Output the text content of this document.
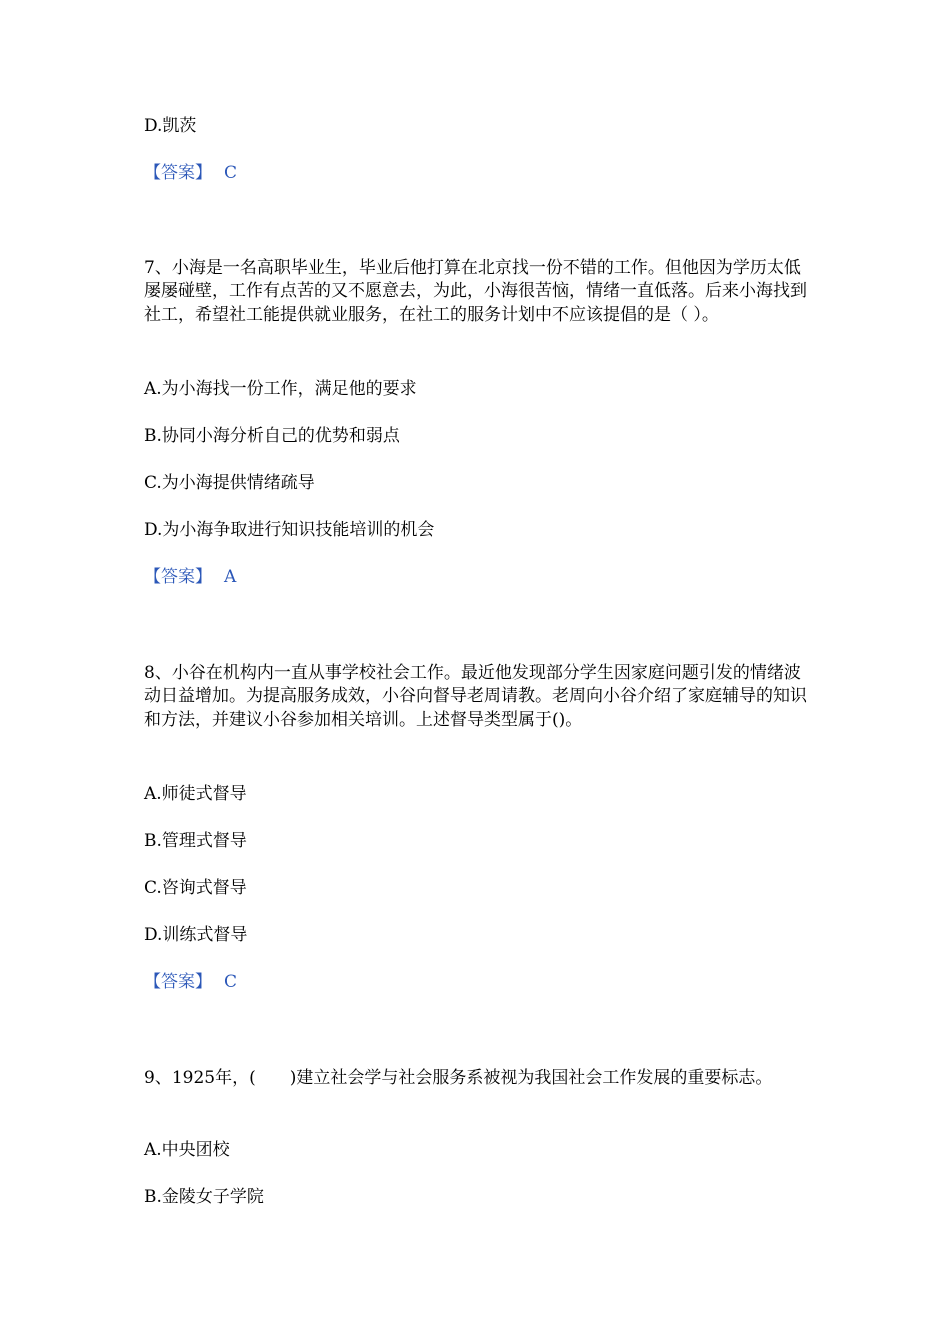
D.凯茨
【答案】 C
7、小海是一名高职毕业生，毕业后他打算在北京找一份不错的工作。但他因为学历太低屡屡碰壁，工作有点苦的又不愿意去，为此，小海很苦恼，情绪一直低落。后来小海找到社工，希望社工能提供就业服务，在社工的服务计划中不应该提倡的是（ ）。
A.为小海找一份工作，满足他的要求
B.协同小海分析自己的优势和弱点
C.为小海提供情绪疏导
D.为小海争取进行知识技能培训的机会
【答案】 A
8、小谷在机构内一直从事学校社会工作。最近他发现部分学生因家庭问题引发的情绪波动日益增加。为提高服务成效，小谷向督导老周请教。老周向小谷介绍了家庭辅导的知识和方法，并建议小谷参加相关培训。上述督导类型属于()。
A.师徒式督导
B.管理式督导
C.咨询式督导
D.训练式督导
【答案】 C
9、1925年，(　　)建立社会学与社会服务系被视为我国社会工作发展的重要标志。
A.中央团校
B.金陵女子学院
